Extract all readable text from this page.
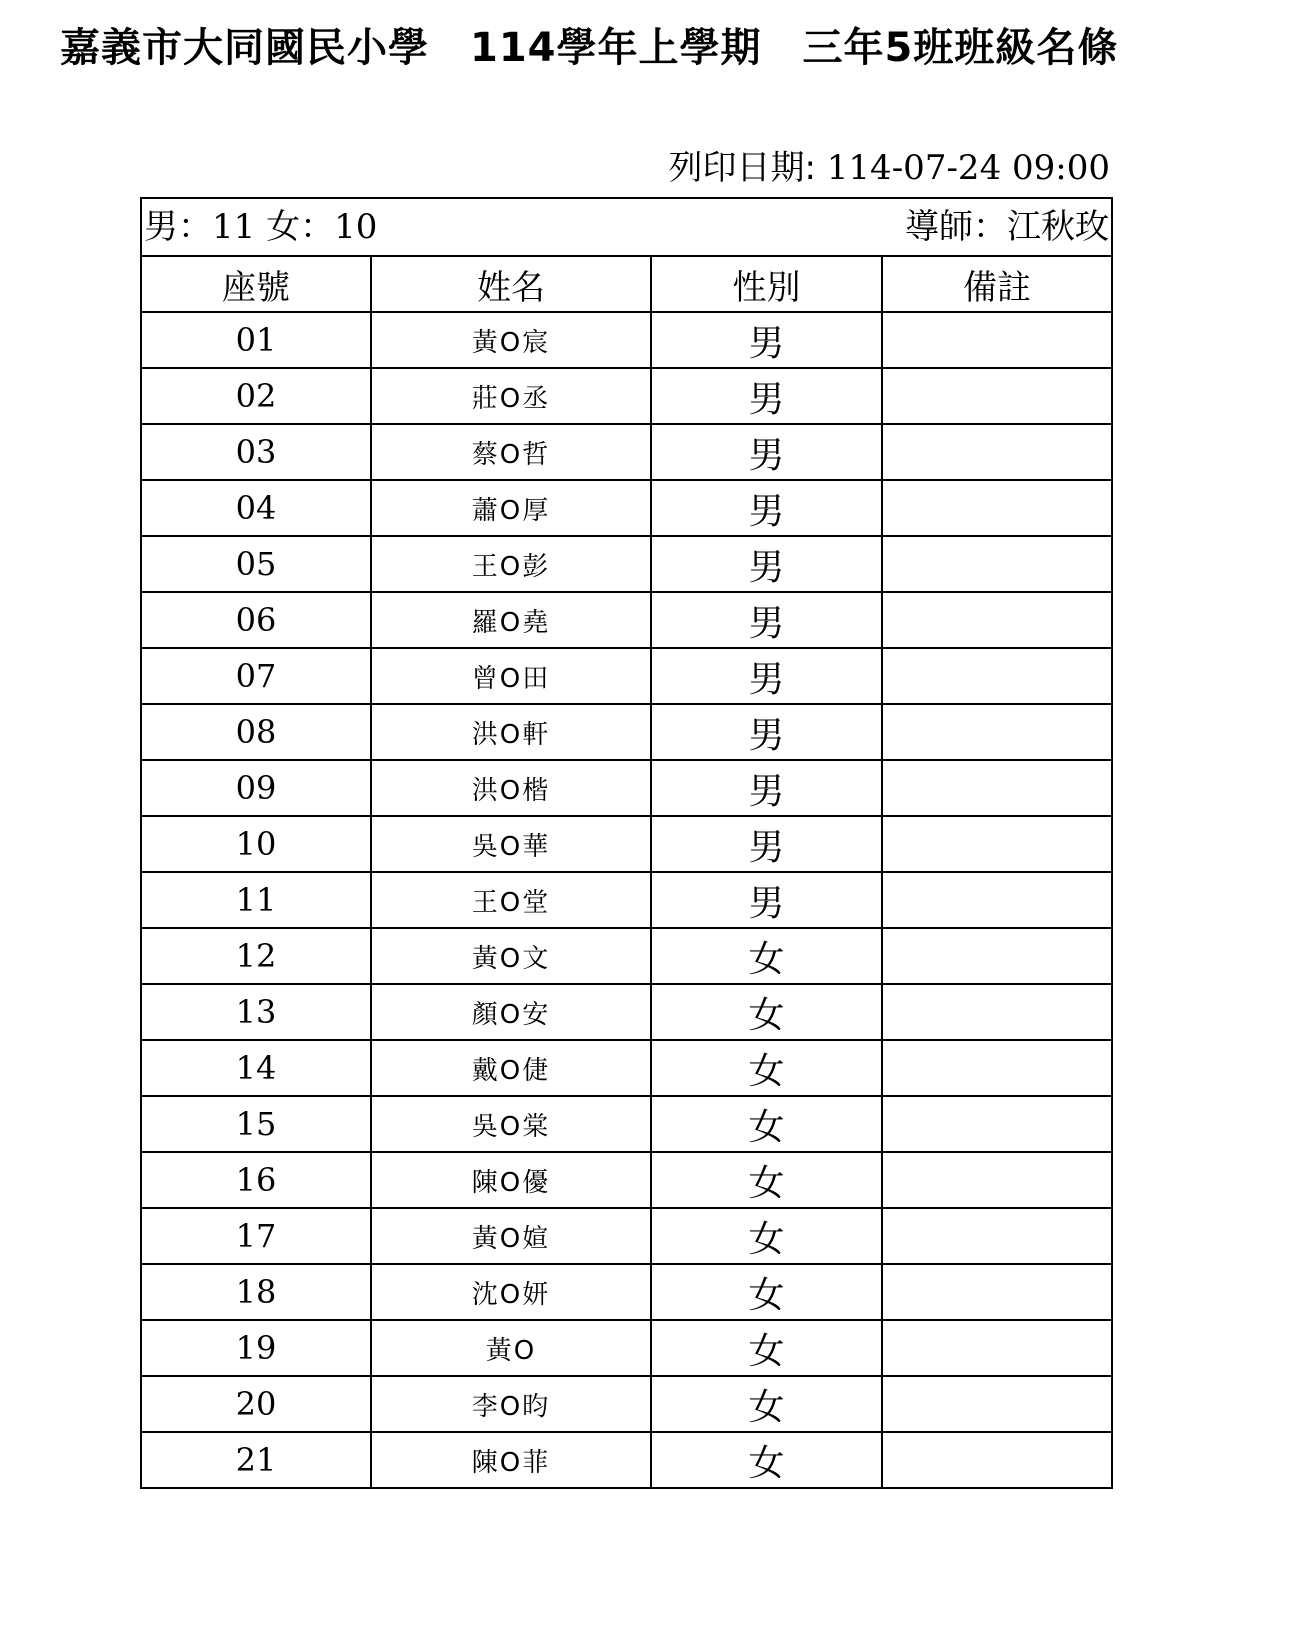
嘉義市大同國民小學　114學年上學期　三年5班班級名條
列印日期: 114-07-24 09:00
男：11 女：10 導師：江秋玫			

座號	姓名	性別	備註
01	黃O宸	男	
02	莊O丞	男	
03	蔡O哲	男	
04	蕭O厚	男	
05	王O彭	男	
06	羅O堯	男	
07	曾O田	男	
08	洪O軒	男	
09	洪O楷	男	
10	吳O華	男	
11	王O堂	男	
12	黃O文	女	
13	顏O安	女	
14	戴O倢	女	
15	吳O棠	女	
16	陳O優	女	
17	黃O媗	女	
18	沈O妍	女	
19	黃O	女	
20	李O昀	女	
21	陳O菲	女	
